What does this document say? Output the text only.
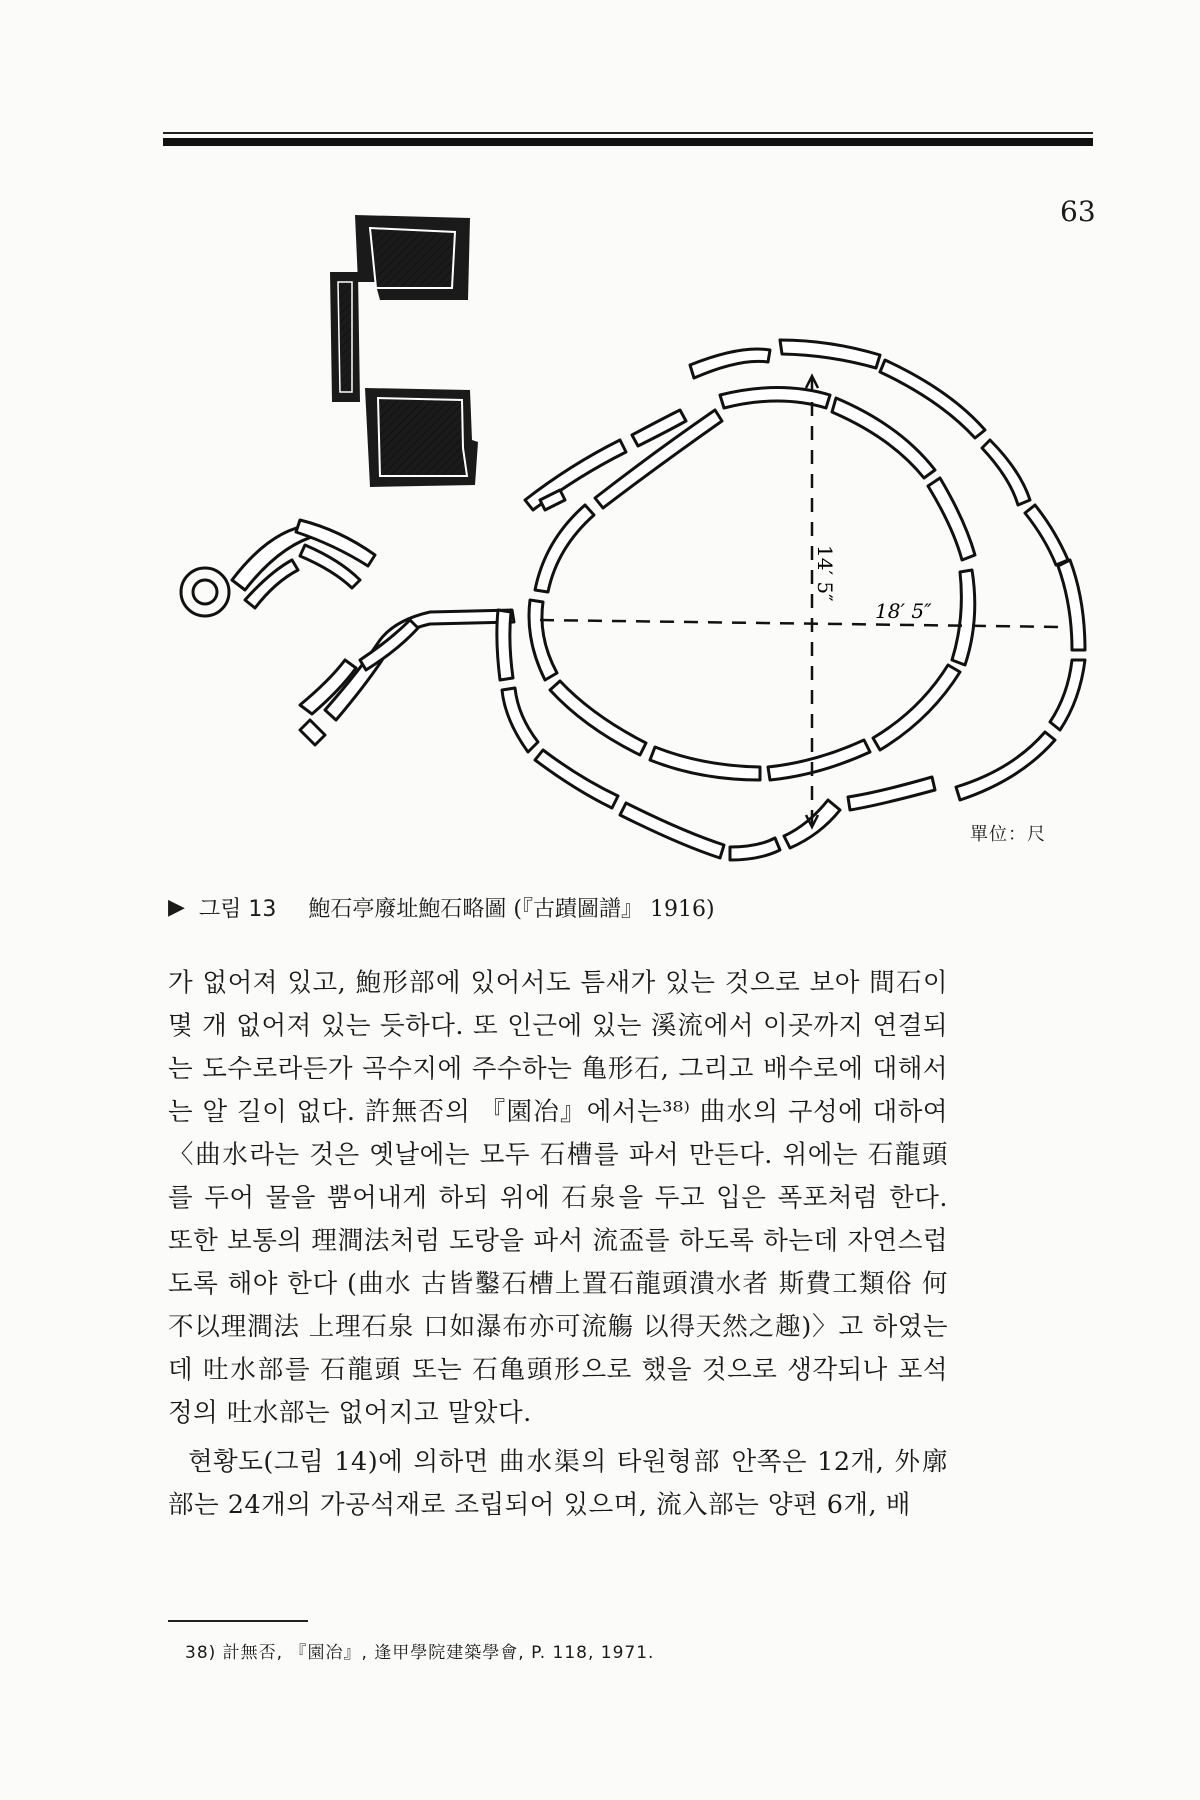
63
14′ 5″
18′ 5″
單位：尺
▶ 그림 13 鮑石亭廢址鮑石略圖 (『古蹟圖譜』 1916)

가 없어져 있고, 鮑形部에 있어서도 틈새가 있는 것으로 보아 間石이 몇 개 없어져 있는 듯하다. 또 인근에 있는 溪流에서 이곳까지 연결되는 도수로라든가 곡수지에 주수하는 亀形石, 그리고 배수로에 대해서는 알 길이 없다. 許無否의 『園冶』에서는³⁸⁾ 曲水의 구성에 대하여 〈曲水라는 것은 옛날에는 모두 石槽를 파서 만든다. 위에는 石龍頭를 두어 물을 뿜어내게 하되 위에 石泉을 두고 입은 폭포처럼 한다. 또한 보통의 理澗法처럼 도랑을 파서 流盃를 하도록 하는데 자연스럽도록 해야 한다 (曲水 古皆鑿石槽上置石龍頭潰水者 斯費工類俗 何不以理澗法 上理石泉 口如瀑布亦可流觴 以得天然之趣)〉고 하였는데 吐水部를 石龍頭 또는 石亀頭形으로 했을 것으로 생각되나 포석정의 吐水部는 없어지고 말았다.

현황도(그림 14)에 의하면 曲水渠의 타원형部 안쪽은 12개, 外廓部는 24개의 가공석재로 조립되어 있으며, 流入部는 양편 6개, 배

38) 計無否, 『園冶』, 逢甲學院建築學會, P. 118, 1971.
